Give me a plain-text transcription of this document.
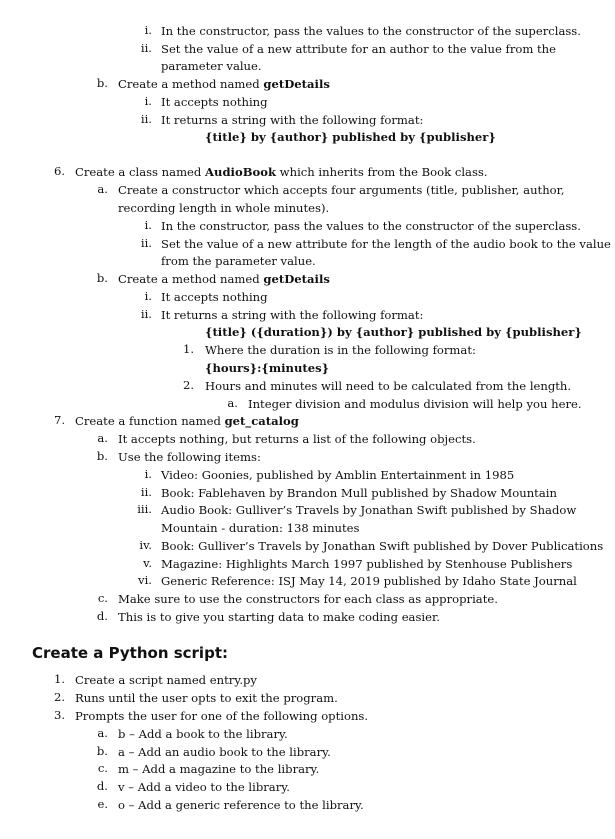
i. In the constructor, pass the values to the constructor of the superclass.
ii. Set the value of a new attribute for an author to the value from the
parameter value.
b. Create a method named getDetails
i. It accepts nothing
ii. It returns a string with the following format:
{title} by {author} published by {publisher}
6. Create a class named AudioBook which inherits from the Book class.
a. Create a constructor which accepts four arguments (title, publisher, author,
recording length in whole minutes).
i. In the constructor, pass the values to the constructor of the superclass.
ii. Set the value of a new attribute for the length of the audio book to the value
from the parameter value.
b. Create a method named getDetails
i. It accepts nothing
ii. It returns a string with the following format:
{title} ({duration}) by {author} published by {publisher}
1. Where the duration is in the following format:
{hours}:{minutes}
2. Hours and minutes will need to be calculated from the length.
a. Integer division and modulus division will help you here.
7. Create a function named get_catalog
a. It accepts nothing, but returns a list of the following objects.
b. Use the following items:
i. Video: Goonies, published by Amblin Entertainment in 1985
ii. Book: Fablehaven by Brandon Mull published by Shadow Mountain
iii. Audio Book: Gulliver’s Travels by Jonathan Swift published by Shadow
Mountain - duration: 138 minutes
iv. Book: Gulliver’s Travels by Jonathan Swift published by Dover Publications
v. Magazine: Highlights March 1997 published by Stenhouse Publishers
vi. Generic Reference: ISJ May 14, 2019 published by Idaho State Journal
c. Make sure to use the constructors for each class as appropriate.
d. This is to give you starting data to make coding easier.
Create a Python script:
1. Create a script named entry.py
2. Runs until the user opts to exit the program.
3. Prompts the user for one of the following options.
a. b – Add a book to the library.
b. a – Add an audio book to the library.
c. m – Add a magazine to the library.
d. v – Add a video to the library.
e. o – Add a generic reference to the library.
